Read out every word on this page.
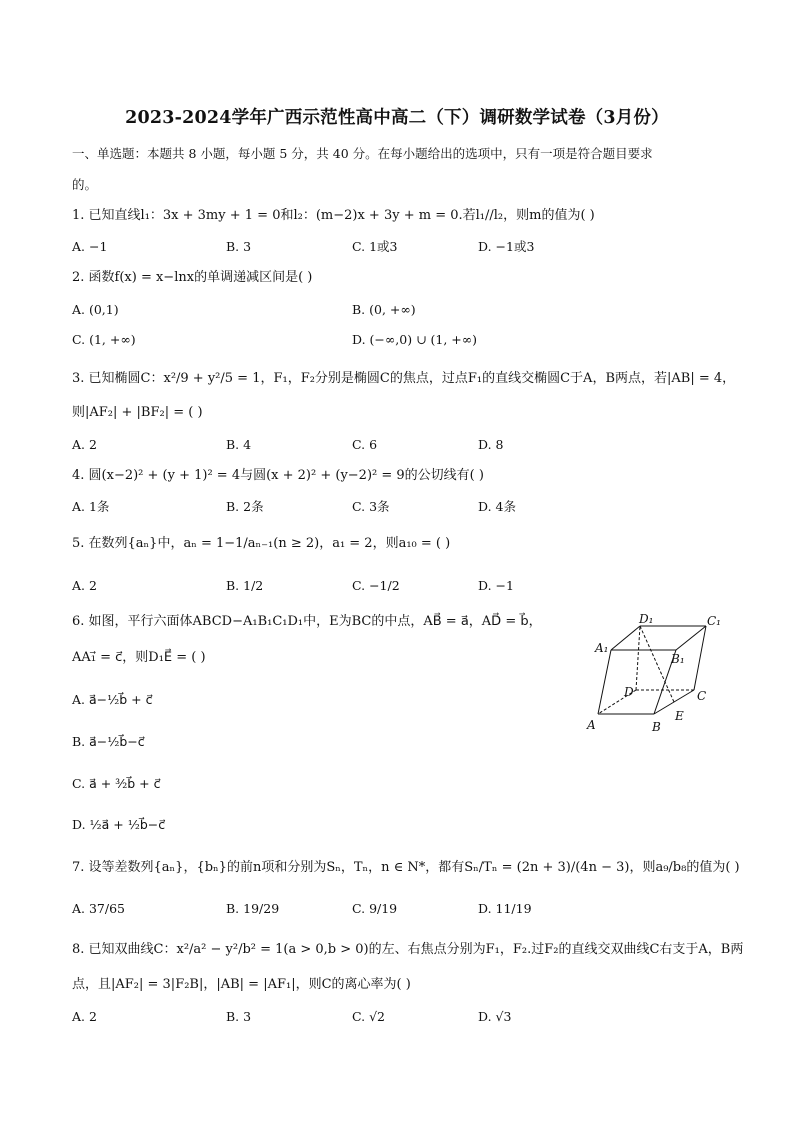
2023-2024学年广西示范性高中高二（下）调研数学试卷（3月份）
一、单选题：本题共 8 小题，每小题 5 分，共 40 分。在每小题给出的选项中，只有一项是符合题目要求
的。
1. 已知直线l₁：3x + 3my + 1 = 0和l₂：(m−2)x + 3y + m = 0.若l₁//l₂，则m的值为( )
A. −1	B. 3	C. 1或3	D. −1或3
2. 函数f(x) = x−lnx的单调递减区间是( )
A. (0,1)	B. (0, +∞)
C. (1, +∞)	D. (−∞,0) ∪ (1, +∞)
3. 已知椭圆C：x²/9 + y²/5 = 1，F₁，F₂分别是椭圆C的焦点，过点F₁的直线交椭圆C于A，B两点，若|AB| = 4，
则|AF₂| + |BF₂| = ( )
A. 2	B. 4	C. 6	D. 8
4. 圆(x−2)² + (y + 1)² = 4与圆(x + 2)² + (y−2)² = 9的公切线有( )
A. 1条	B. 2条	C. 3条	D. 4条
5. 在数列{aₙ}中，aₙ = 1−1/aₙ₋₁(n ≥ 2)，a₁ = 2，则a₁₀ = ( )
A. 2	B. 1/2	C. −1/2	D. −1
6. 如图，平行六面体ABCD−A₁B₁C₁D₁中，E为BC的中点，AB⃗ = a⃗，AD⃗ = b⃗，
AA₁⃗ = c⃗，则D₁E⃗ = ( )
A. a⃗−½b⃗ + c⃗
B. a⃗−½b⃗−c⃗
C. a⃗ + ³⁄₂b⃗ + c⃗
D. ½a⃗ + ½b⃗−c⃗
D₁	C₁
A₁
B₁
D	C
A	B
E
7. 设等差数列{aₙ}，{bₙ}的前n项和分别为Sₙ，Tₙ，n ∈ N*，都有Sₙ/Tₙ = (2n + 3)/(4n − 3)，则a₉/b₈的值为( )
A. 37/65	B. 19/29	C. 9/19	D. 11/19
8. 已知双曲线C：x²/a² − y²/b² = 1(a > 0,b > 0)的左、右焦点分别为F₁，F₂.过F₂的直线交双曲线C右支于A，B两
点，且|AF₂| = 3|F₂B|，|AB| = |AF₁|，则C的离心率为( )
A. 2	B. 3	C. √2	D. √3
